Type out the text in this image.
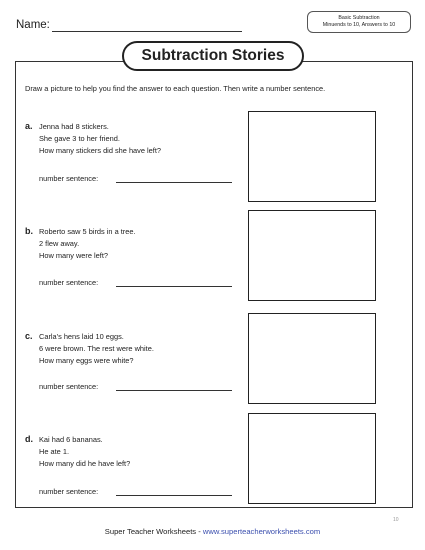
Name:
Basic Subtraction
Minuends to 10, Answers to 10
Subtraction Stories
Draw a picture to help you find the answer to each question. Then write a number sentence.
a. Jenna had 8 stickers.
She gave 3 to her friend.
How many stickers did she have left?
number sentence:
b. Roberto saw 5 birds in a tree.
2 flew away.
How many were left?
number sentence:
c. Carla's hens laid 10 eggs.
6 were brown. The rest were white.
How many eggs were white?
number sentence:
d. Kai had 6 bananas.
He ate 1.
How many did he have left?
number sentence:
10
Super Teacher Worksheets - www.superteacherworksheets.com
